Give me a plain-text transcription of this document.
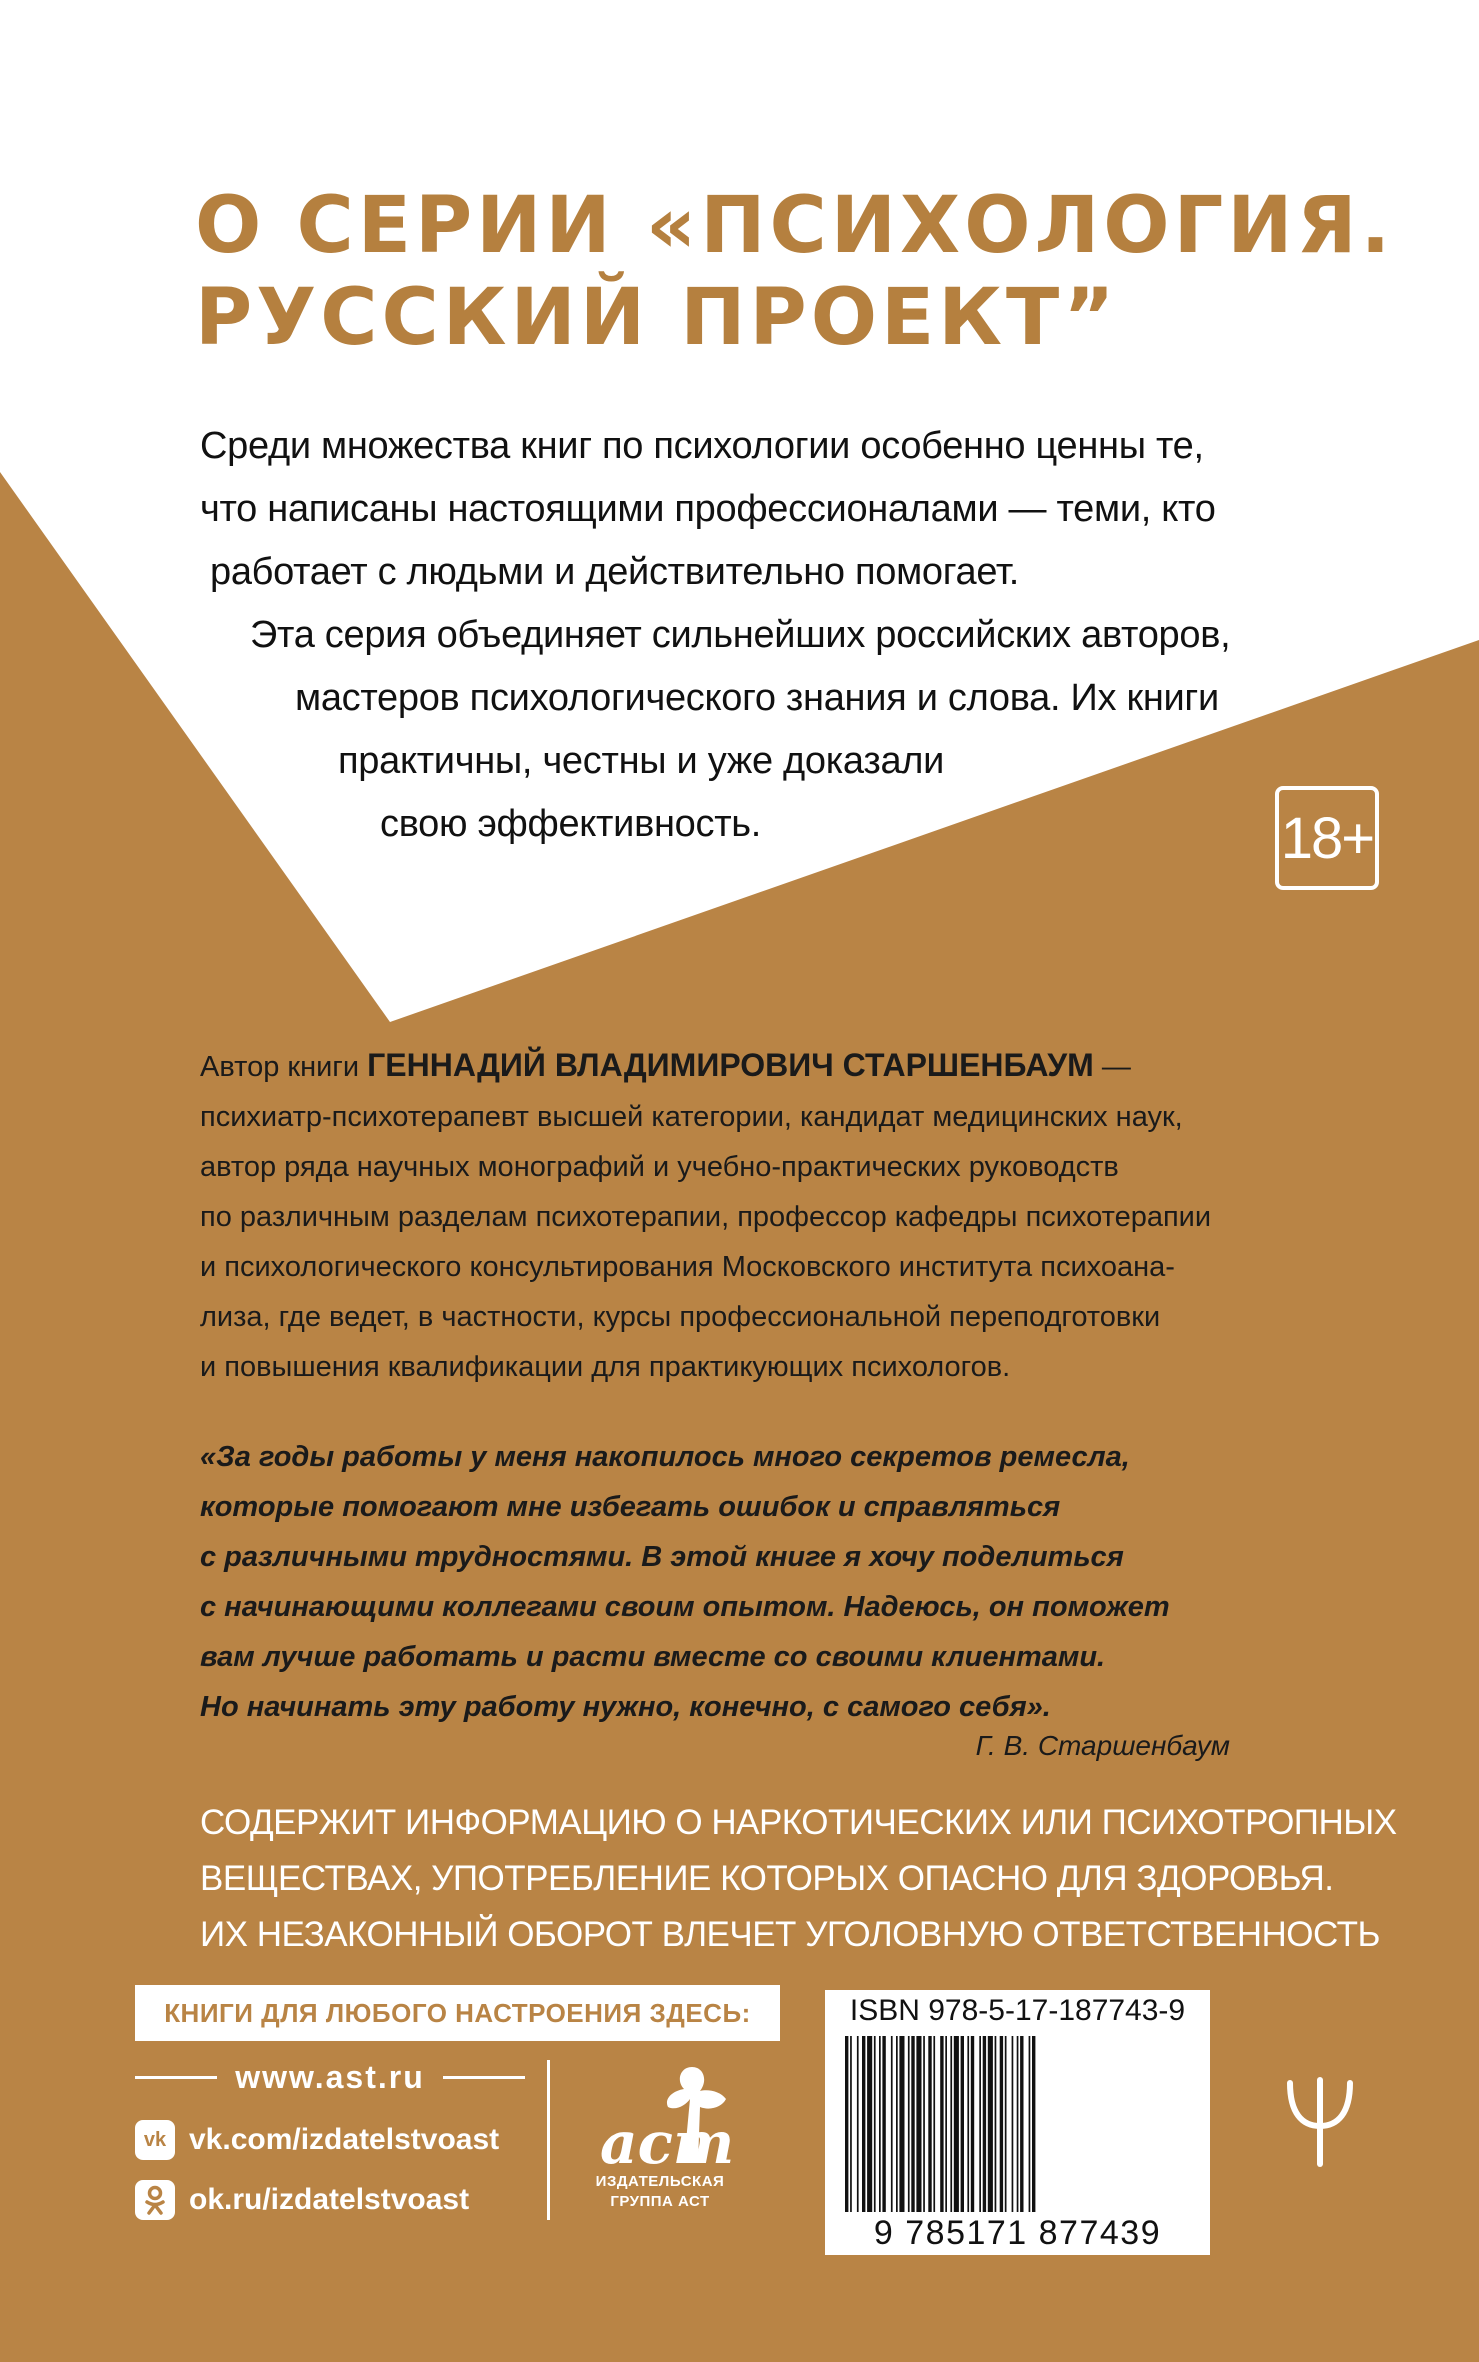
О СЕРИИ «ПСИХОЛОГИЯ.
РУССКИЙ ПРОЕКТ”
Среди множества книг по психологии особенно ценны те,
что написаны настоящими профессионалами — теми, кто
работает с людьми и действительно помогает.
Эта серия объединяет сильнейших российских авторов,
мастеров психологического знания и слова. Их книги
практичны, честны и уже доказали
свою эффективность.	18+
Автор книги ГЕННАДИЙ ВЛАДИМИРОВИЧ СТАРШЕНБАУМ —
психиатр-психотерапевт высшей категории, кандидат медицинских наук,
автор ряда научных монографий и учебно-практических руководств
по различным разделам психотерапии, профессор кафедры психотерапии
и психологического консультирования Московского института психоана-
лиза, где ведет, в частности, курсы профессиональной переподготовки
и повышения квалификации для практикующих психологов.
«За годы работы у меня накопилось много секретов ремесла,
которые помогают мне избегать ошибок и справляться
с различными трудностями. В этой книге я хочу поделиться
с начинающими коллегами своим опытом. Надеюсь, он поможет
вам лучше работать и расти вместе со своими клиентами.
Но начинать эту работу нужно, конечно, с самого себя».
Г. В. Старшенбаум
СОДЕРЖИТ ИНФОРМАЦИЮ О НАРКОТИЧЕСКИХ ИЛИ ПСИХОТРОПНЫХ
ВЕЩЕСТВАХ, УПОТРЕБЛЕНИЕ КОТОРЫХ ОПАСНО ДЛЯ ЗДОРОВЬЯ.
ИХ НЕЗАКОННЫЙ ОБОРОТ ВЛЕЧЕТ УГОЛОВНУЮ ОТВЕТСТВЕННОСТЬ
КНИГИ ДЛЯ ЛЮБОГО НАСТРОЕНИЯ ЗДЕСЬ:
www.ast.ru
vk vk.com/izdatelstvoast
ok.ru/izdatelstvoast
аст
ИЗДАТЕЛЬСКАЯ
ГРУППА АСТ
ISBN 978-5-17-187743-9
9 785171 877439
